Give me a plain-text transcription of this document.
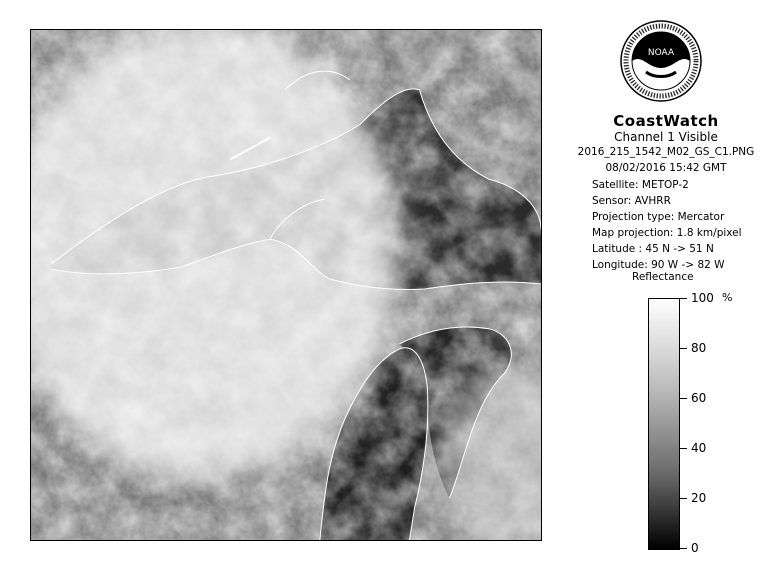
NOAA
CoastWatch
Channel 1 Visible
2016_215_1542_M02_GS_C1.PNG
08/02/2016 15:42 GMT
Satellite: METOP-2
Sensor: AVHRR
Projection type: Mercator
Map projection: 1.8 km/pixel
Latitude : 45 N -> 51 N
Longitude: 90 W -> 82 W
Reflectance
%
100
80
60
40
20
0
